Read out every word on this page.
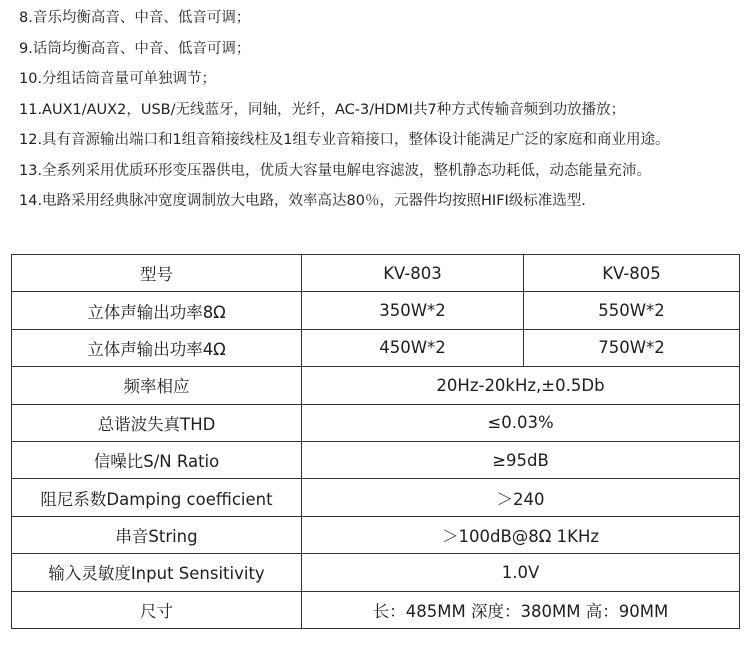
8.音乐均衡高音、中音、低音可调；
9.话筒均衡高音、中音、低音可调；
10.分组话筒音量可单独调节；
11.AUX1/AUX2，USB/无线蓝牙，同轴，光纤，AC-3/HDMI共7种方式传输音频到功放播放；
12.具有音源输出端口和1组音箱接线柱及1组专业音箱接口，整体设计能满足广泛的家庭和商业用途。
13.全系列采用优质环形变压器供电，优质大容量电解电容滤波，整机静态功耗低，动态能量充沛。
14.电路采用经典脉冲宽度调制放大电路，效率高达80％，元器件均按照HIFI级标准选型.
型号	KV-803	KV-805
立体声输出功率8Ω	350W*2	550W*2
立体声输出功率4Ω	450W*2	750W*2
频率相应	20Hz-20kHz,±0.5Db	
总谐波失真THD	≤0.03%	
信噪比S/N Ratio	≥95dB	
阻尼系数Damping coefficient	＞240	
串音String	＞100dB@8Ω 1KHz	
输入灵敏度Input Sensitivity	1.0V	
尺寸	长：485MM 深度：380MM 高：90MM	
